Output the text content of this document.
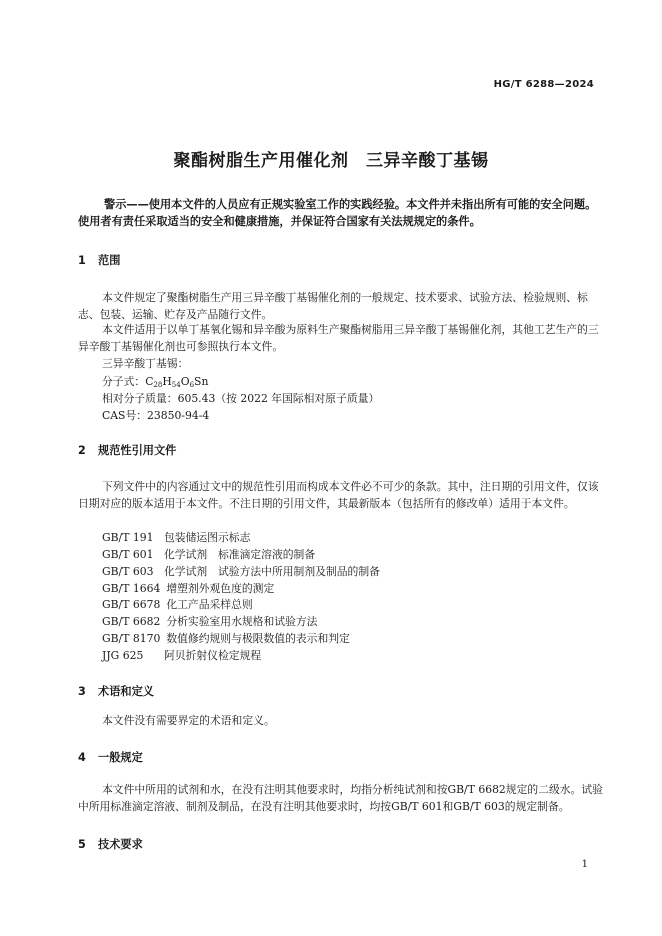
HG/T 6288—2024
聚酯树脂生产用催化剂　三异辛酸丁基锡
警示——使用本文件的人员应有正规实验室工作的实践经验。本文件并未指出所有可能的安全问题。使用者有责任采取适当的安全和健康措施，并保证符合国家有关法规规定的条件。
1 范围
本文件规定了聚酯树脂生产用三异辛酸丁基锡催化剂的一般规定、技术要求、试验方法、检验规则、标志、包装、运输、贮存及产品随行文件。
本文件适用于以单丁基氧化锡和异辛酸为原料生产聚酯树脂用三异辛酸丁基锡催化剂，其他工艺生产的三异辛酸丁基锡催化剂也可参照执行本文件。
三异辛酸丁基锡：
分子式：$C_{28}H_{54}O_6Sn$
相对分子质量：605.43（按 2022 年国际相对原子质量）
CAS号：23850-94-4
2 规范性引用文件
下列文件中的内容通过文中的规范性引用而构成本文件必不可少的条款。其中，注日期的引用文件，仅该日期对应的版本适用于本文件。不注日期的引用文件，其最新版本（包括所有的修改单）适用于本文件。
GB/T 191 包装储运图示标志
GB/T 601 化学试剂　标准滴定溶液的制备
GB/T 603 化学试剂　试验方法中所用制剂及制品的制备
GB/T 1664 增塑剂外观色度的测定
GB/T 6678 化工产品采样总则
GB/T 6682 分析实验室用水规格和试验方法
GB/T 8170 数值修约规则与极限数值的表示和判定
JJG 625 阿贝折射仪检定规程
3 术语和定义
本文件没有需要界定的术语和定义。
4 一般规定
本文件中所用的试剂和水，在没有注明其他要求时，均指分析纯试剂和按GB/T 6682规定的二级水。试验中所用标准滴定溶液、制剂及制品，在没有注明其他要求时，均按GB/T 601和GB/T 603的规定制备。
5 技术要求
1
